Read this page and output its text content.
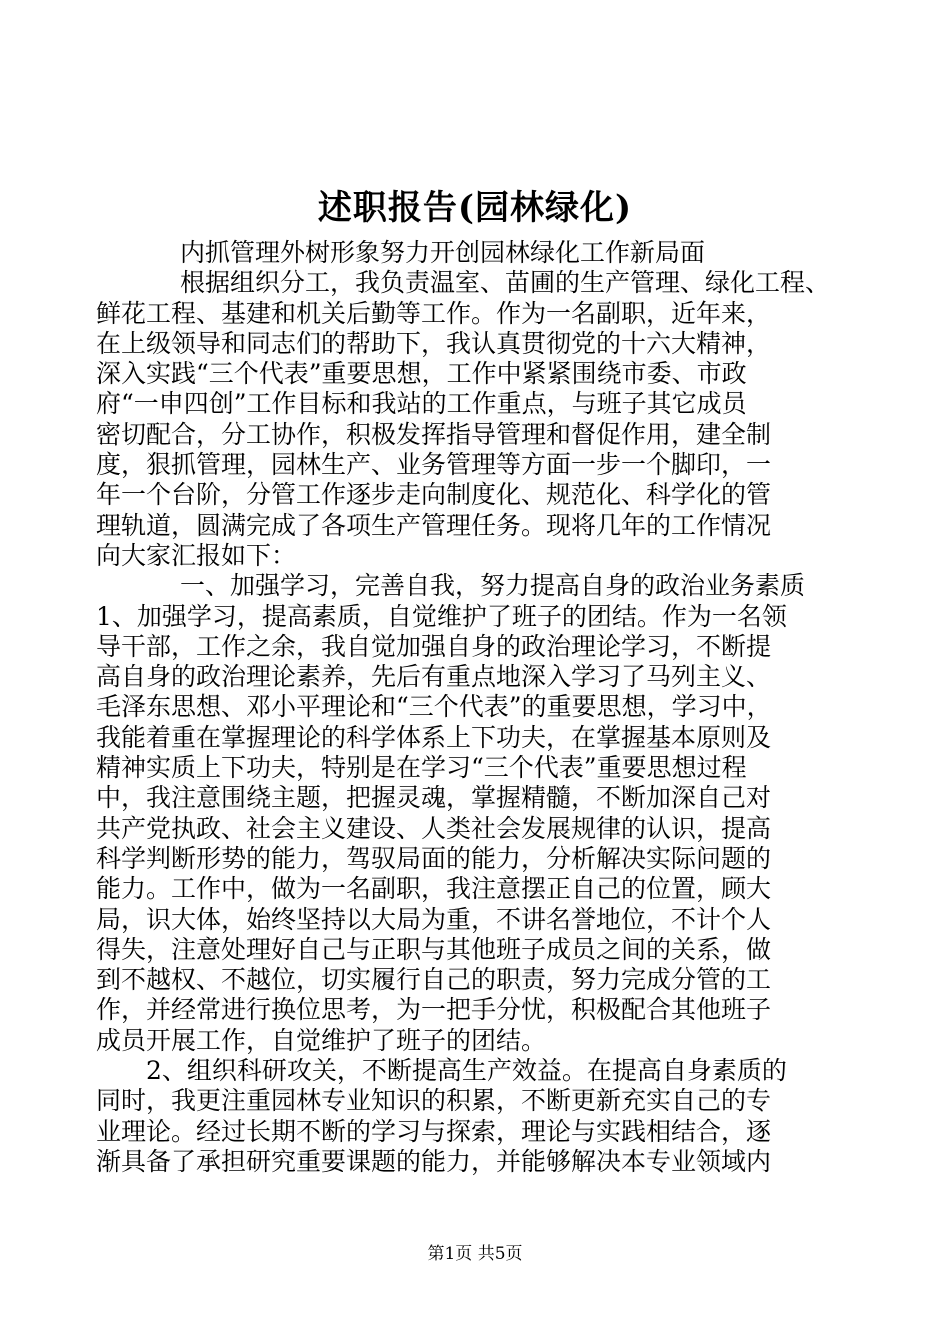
述职报告(园林绿化)
内抓管理外树形象努力开创园林绿化工作新局面
根据组织分工，我负责温室、苗圃的生产管理、绿化工程、
鲜花工程、基建和机关后勤等工作。作为一名副职，近年来，
在上级领导和同志们的帮助下，我认真贯彻党的十六大精神，
深入实践“三个代表”重要思想，工作中紧紧围绕市委、市政
府“一申四创”工作目标和我站的工作重点，与班子其它成员
密切配合，分工协作，积极发挥指导管理和督促作用，建全制
度，狠抓管理，园林生产、业务管理等方面一步一个脚印，一
年一个台阶，分管工作逐步走向制度化、规范化、科学化的管
理轨道，圆满完成了各项生产管理任务。现将几年的工作情况
向大家汇报如下：
一、加强学习，完善自我，努力提高自身的政治业务素质
1、加强学习，提高素质，自觉维护了班子的团结。作为一名领
导干部，工作之余，我自觉加强自身的政治理论学习，不断提
高自身的政治理论素养，先后有重点地深入学习了马列主义、
毛泽东思想、邓小平理论和“三个代表”的重要思想，学习中，
我能着重在掌握理论的科学体系上下功夫，在掌握基本原则及
精神实质上下功夫，特别是在学习“三个代表”重要思想过程
中，我注意围绕主题，把握灵魂，掌握精髓，不断加深自己对
共产党执政、社会主义建设、人类社会发展规律的认识，提高
科学判断形势的能力，驾驭局面的能力，分析解决实际问题的
能力。工作中，做为一名副职，我注意摆正自己的位置，顾大
局，识大体，始终坚持以大局为重，不讲名誉地位，不计个人
得失，注意处理好自己与正职与其他班子成员之间的关系，做
到不越权、不越位，切实履行自己的职责，努力完成分管的工
作，并经常进行换位思考，为一把手分忧，积极配合其他班子
成员开展工作，自觉维护了班子的团结。
2、组织科研攻关，不断提高生产效益。在提高自身素质的
同时，我更注重园林专业知识的积累，不断更新充实自己的专
业理论。经过长期不断的学习与探索，理论与实践相结合，逐
渐具备了承担研究重要课题的能力，并能够解决本专业领域内
第1页 共5页
